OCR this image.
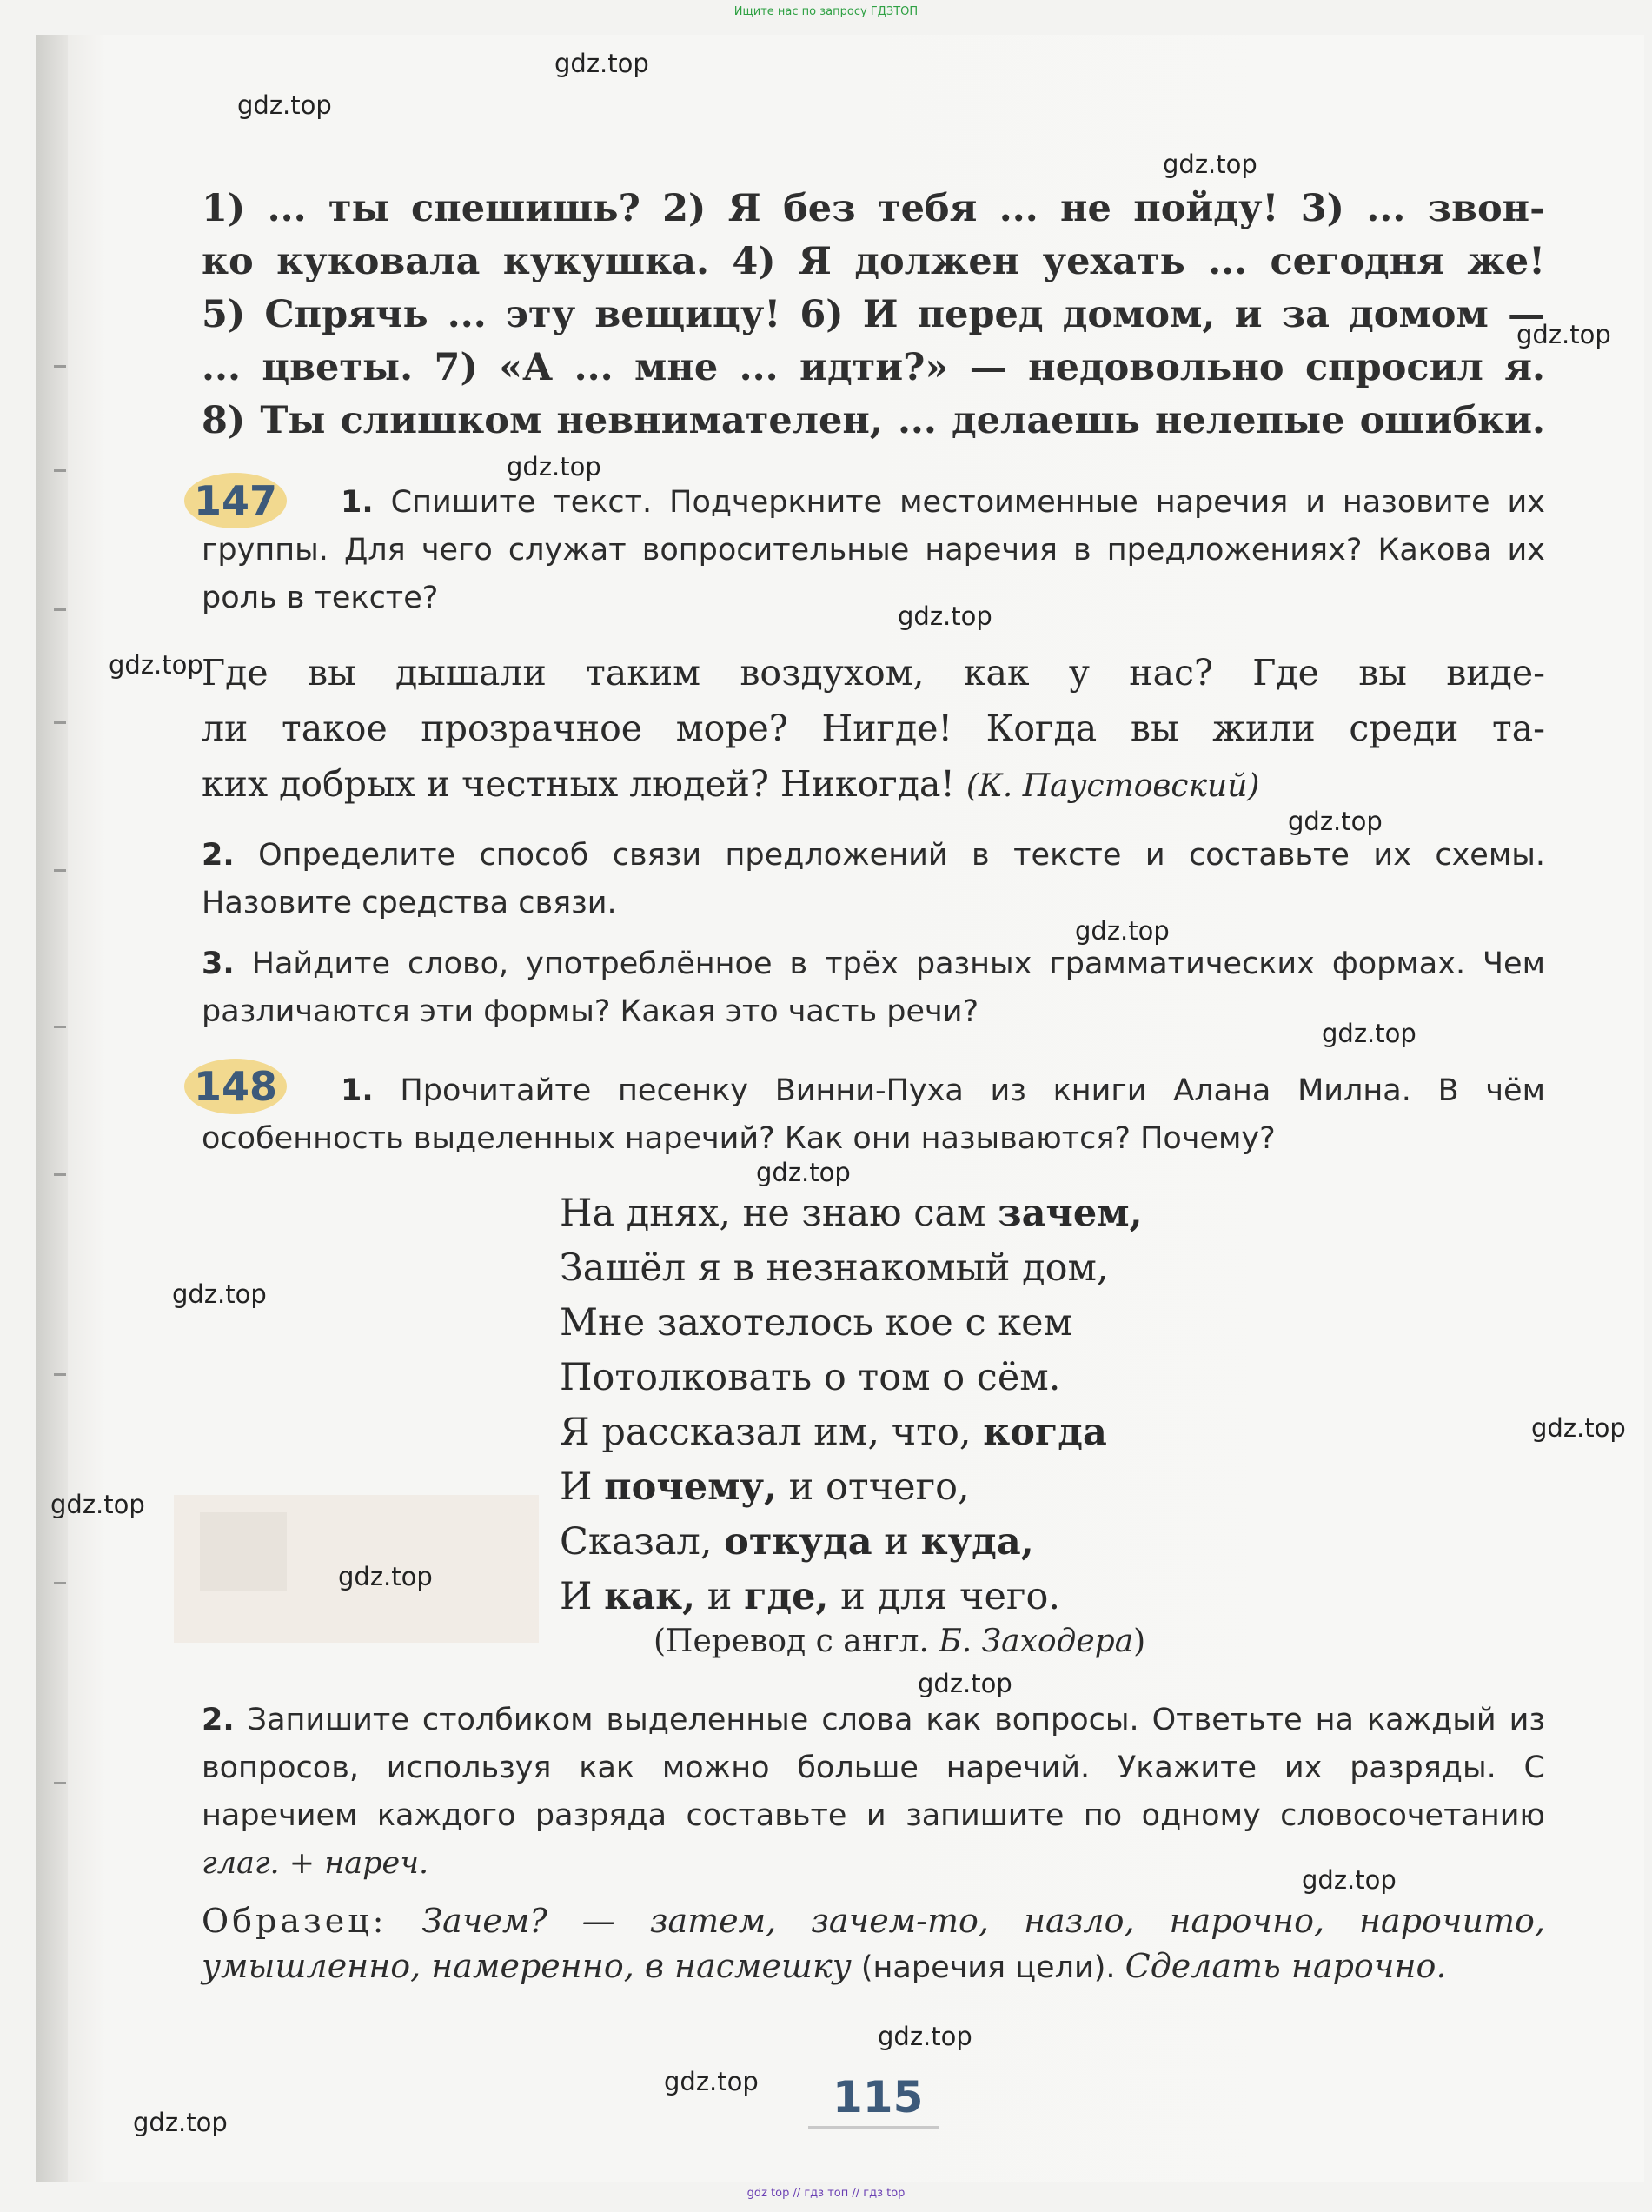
Ищите нас по запросу ГДЗТОП
1) ... ты спешишь? 2) Я без тебя ... не пойду! 3) ... звон-
ко куковала кукушка. 4) Я должен уехать ... сегодня же!
5) Спрячь ... эту вещицу! 6) И перед домом, и за домом —
... цветы. 7) «А ... мне ... идти?» — недовольно спросил я.
8) Ты слишком невнимателен, ... делаешь нелепые ошибки.
147	1. Спишите текст. Подчеркните местоименные наречия и назовите их группы. Для чего служат вопросительные наречия в предложениях? Какова их роль в тексте?
Где вы дышали таким воздухом, как у нас? Где вы виде-
ли такое прозрачное море? Нигде! Когда вы жили среди та-
ких добрых и честных людей? Никогда! (К. Паустовский)
2. Определите способ связи предложений в тексте и составьте их схемы. Назовите средства связи.
3. Найдите слово, употреблённое в трёх разных грамматических формах. Чем различаются эти формы? Какая это часть речи?
148	1. Прочитайте песенку Винни-Пуха из книги Алана Милна. В чём особенность выделенных наречий? Как они называются? Почему?
На днях, не знаю сам зачем,
Зашёл я в незнакомый дом,
Мне захотелось кое с кем
Потолковать о том о сём.
Я рассказал им, что, когда
И почему, и отчего,
Сказал, откуда и куда,
И как, и где, и для чего.
(Перевод с англ. Б. Заходера)
2. Запишите столбиком выделенные слова как вопросы. Ответьте на каждый из вопросов, используя как можно больше наречий. Укажите их разряды. С наречием каждого разряда составьте и запишите по одному словосочетанию глаг. + нареч.
Образец: Зачем? — затем, зачем-то, назло, нарочно, нарочито, умышленно, намеренно, в насмешку (наречия цели). Сделать нарочно.
115
gdz.top
gdz.top
gdz.top
gdz.top
gdz.top
gdz.top
gdz.top
gdz.top
gdz.top
gdz.top
gdz.top
gdz.top
gdz.top
gdz.top
gdz.top
gdz.top
gdz.top
gdz.top
gdz.top
gdz.top
gdz top // гдз топ // гдз top
